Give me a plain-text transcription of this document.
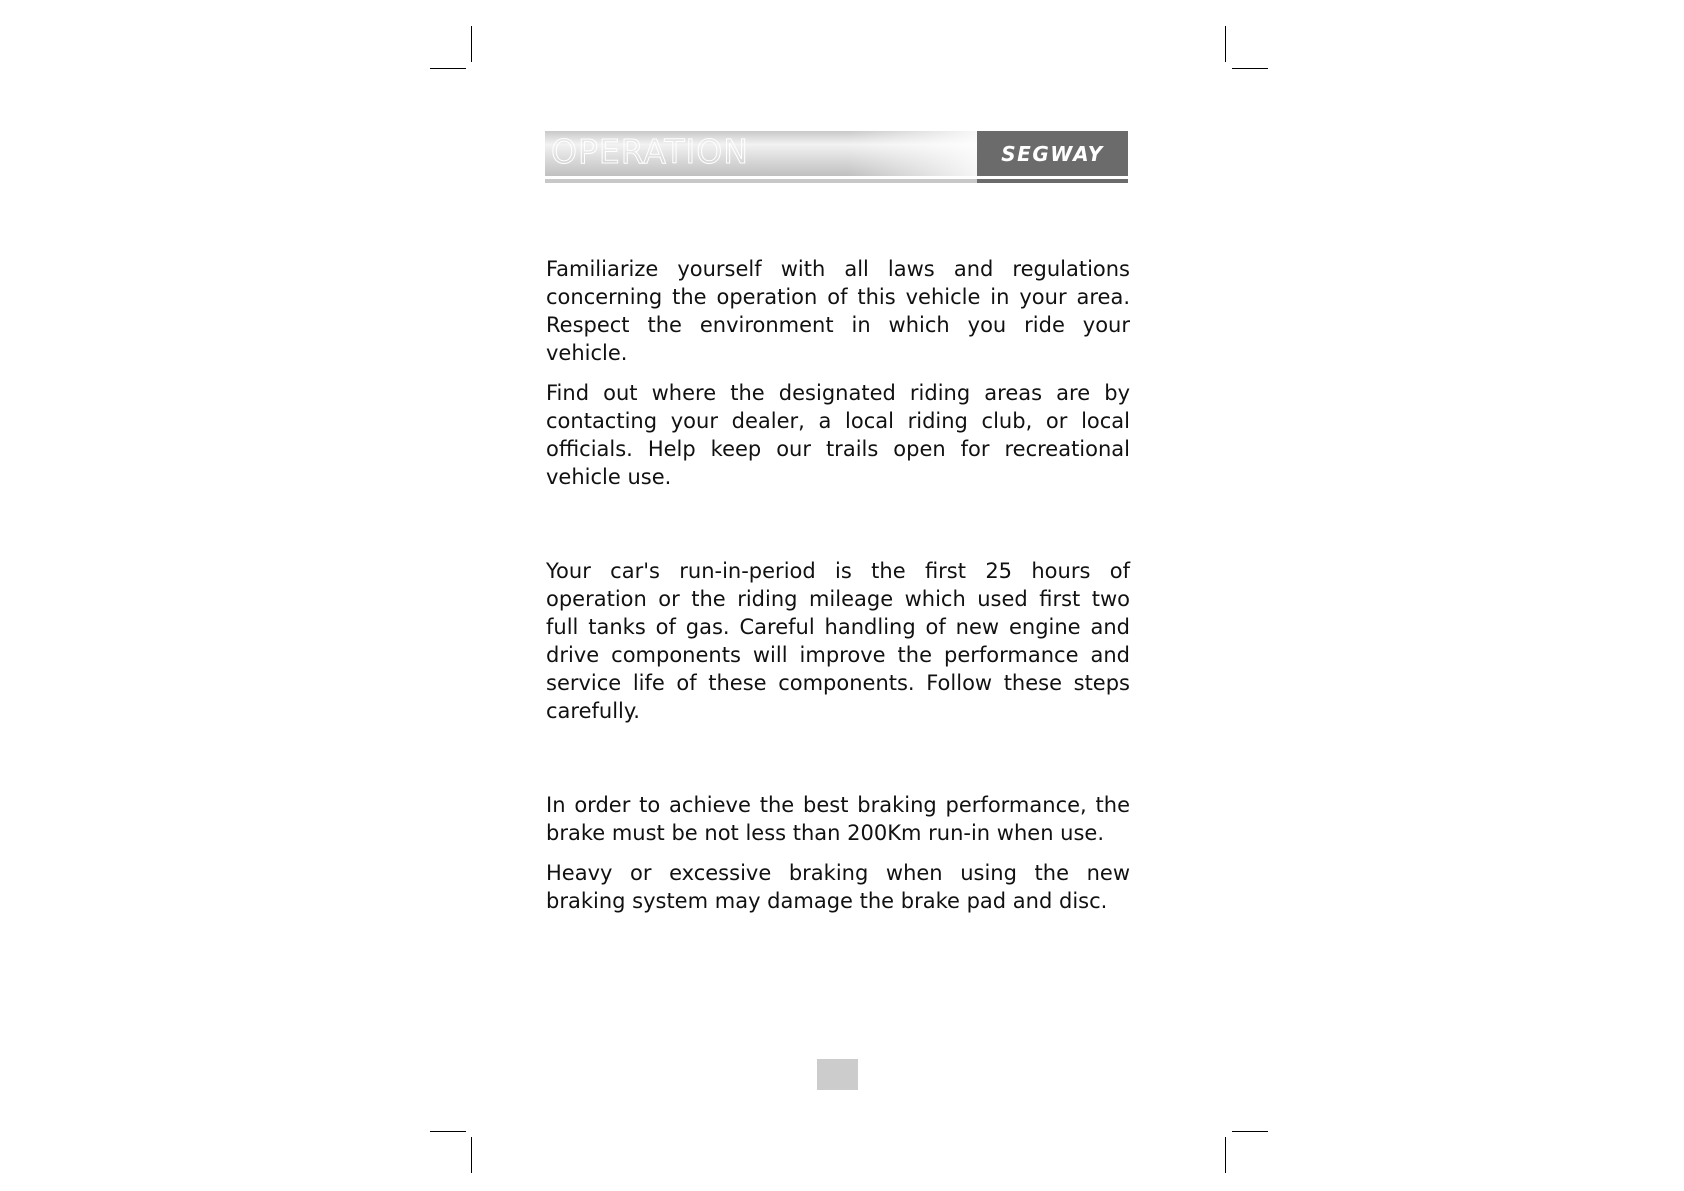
OPERATION	SEGWAY

Familiarize yourself with all laws and regulations concerning the operation of this vehicle in your area. Respect the environment in which you ride your vehicle.

Find out where the designated riding areas are by contacting your dealer, a local riding club, or local officials. Help keep our trails open for recreational vehicle use.

Your car's run-in-period is the first 25 hours of operation or the riding mileage which used first two full tanks of gas. Careful handling of new engine and drive components will improve the performance and service life of these components. Follow these steps carefully.

In order to achieve the best braking performance, the brake must be not less than 200Km run-in when use.

Heavy or excessive braking when using the new braking system may damage the brake pad and disc.
